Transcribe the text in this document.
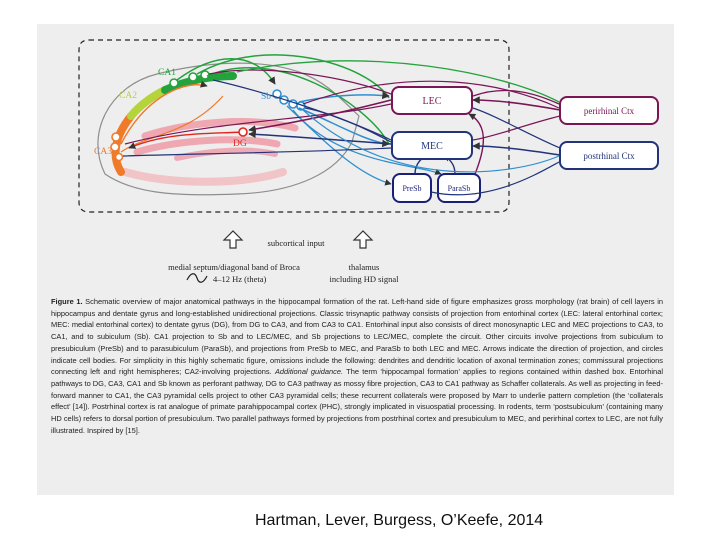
CA1
CA2
CA3
DG
Sb	LEC
MEC
PreSb	ParaSb
perirhinal Ctx
postrhinal Ctx
subcortical input
medial septum/diagonal band of Broca	thalamus
4–12 Hz (theta)	including HD signal

Figure 1. Schematic overview of major anatomical pathways in the hippocampal formation of the rat. Left-hand side of figure emphasizes gross morphology (rat brain) of cell layers in hippocampus and dentate gyrus and long-established unidirectional projections. Classic trisynaptic pathway consists of projection from entorhinal cortex (LEC: lateral entorhinal cortex; MEC: medial entorhinal cortex) to dentate gyrus (DG), from DG to CA3, and from CA3 to CA1. Entorhinal input also consists of direct monosynaptic LEC and MEC projections to CA3, to CA1, and to subiculum (Sb). CA1 projection to Sb and to LEC/MEC, and Sb projections to LEC/MEC, complete the circuit. Other circuits involve projections from subiculum to presubiculum (PreSb) and to parasubiculum (ParaSb), and projections from PreSb to MEC, and ParaSb to both LEC and MEC. Arrows indicate the direction of projection, and circles indicate cell bodies. For simplicity in this highly schematic figure, omissions include the following: dendrites and dendritic location of axonal termination zones; commissural projections connecting left and right hemispheres; CA2-involving projections. Additional guidance. The term ‘hippocampal formation’ applies to regions contained within dashed box. Entorhinal pathways to DG, CA3, CA1 and Sb known as perforant pathway, DG to CA3 pathway as mossy fibre projection, CA3 to CA1 pathway as Schaffer collaterals. As well as projecting in feed-forward manner to CA1, the CA3 pyramidal cells project to other CA3 pyramidal cells; these recurrent collaterals were proposed by Marr to underlie pattern completion (the ‘collaterals effect’ [14]). Postrhinal cortex is rat analogue of primate parahippocampal cortex (PHC), strongly implicated in visuospatial processing. In rodents, term ‘postsubiculum’ (containing many HD cells) refers to dorsal portion of presubiculum. Two parallel pathways formed by projections from postrhinal cortex and presubiculum to MEC, and perirhinal cortex to LEC, are not fully illustrated. Inspired by [15].

Hartman, Lever, Burgess, O’Keefe, 2014
